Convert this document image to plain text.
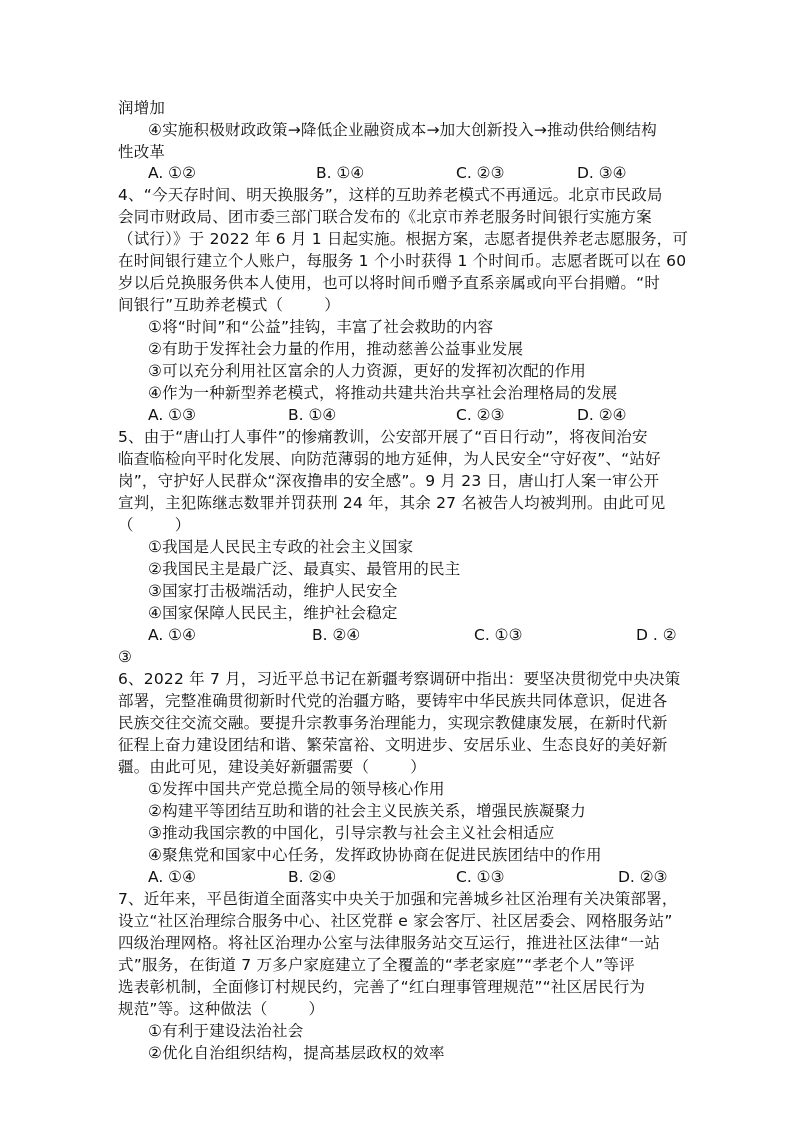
润增加
④实施积极财政政策→降低企业融资成本→加大创新投入→推动供给侧结构
性改革
A. ①②	B. ①④	C. ②③	D. ③④
4、“今天存时间、明天换服务”，这样的互助养老模式不再通远。北京市民政局
会同市财政局、团市委三部门联合发布的《北京市养老服务时间银行实施方案
（试行）》于 2022 年 6 月 1 日起实施。根据方案，志愿者提供养老志愿服务，可
在时间银行建立个人账户，每服务 1 个小时获得 1 个时间币。志愿者既可以在 60
岁以后兑换服务供本人使用，也可以将时间币赠予直系亲属或向平台捐赠。“时
间银行”互助养老模式（        ）
①将“时间”和“公益”挂钩，丰富了社会救助的内容
②有助于发挥社会力量的作用，推动慈善公益事业发展
③可以充分利用社区富余的人力资源，更好的发挥初次配的作用
④作为一种新型养老模式，将推动共建共治共享社会治理格局的发展
A. ①③	B. ①④	C. ②③	D. ②④
5、由于“唐山打人事件”的惨痛教训，公安部开展了“百日行动”，将夜间治安
临查临检向平时化发展、向防范薄弱的地方延伸，为人民安全“守好夜”、“站好
岗”，守护好人民群众“深夜撸串的安全感”。9 月 23 日，唐山打人案一审公开
宣判，主犯陈继志数罪并罚获刑 24 年，其余 27 名被告人均被判刑。由此可见
（        ）
①我国是人民民主专政的社会主义国家
②我国民主是最广泛、最真实、最管用的民主
③国家打击极端活动，维护人民安全
④国家保障人民民主，维护社会稳定
A. ①④	B. ②④	C. ①③	D . ②
③
6、2022 年 7 月，习近平总书记在新疆考察调研中指出：要坚决贯彻党中央决策
部署，完整准确贯彻新时代党的治疆方略，要铸牢中华民族共同体意识，促进各
民族交往交流交融。要提升宗教事务治理能力，实现宗教健康发展，在新时代新
征程上奋力建设团结和谐、繁荣富裕、文明进步、安居乐业、生态良好的美好新
疆。由此可见，建设美好新疆需要（        ）
①发挥中国共产党总揽全局的领导核心作用
②构建平等团结互助和谐的社会主义民族关系，增强民族凝聚力
③推动我国宗教的中国化，引导宗教与社会主义社会相适应
④聚焦党和国家中心任务，发挥政协协商在促进民族团结中的作用
A. ①④	B. ②④	C. ①③	D. ②③
7、近年来，平邑街道全面落实中央关于加强和完善城乡社区治理有关决策部署，
设立“社区治理综合服务中心、社区党群 e 家会客厅、社区居委会、网格服务站”
四级治理网格。将社区治理办公室与法律服务站交互运行，推进社区法律“一站
式”服务，在街道 7 万多户家庭建立了全覆盖的“孝老家庭”“孝老个人”等评
选表彰机制，全面修订村规民约，完善了“红白理事管理规范”“社区居民行为
规范”等。这种做法（        ）
①有利于建设法治社会
②优化自治组织结构，提高基层政权的效率
